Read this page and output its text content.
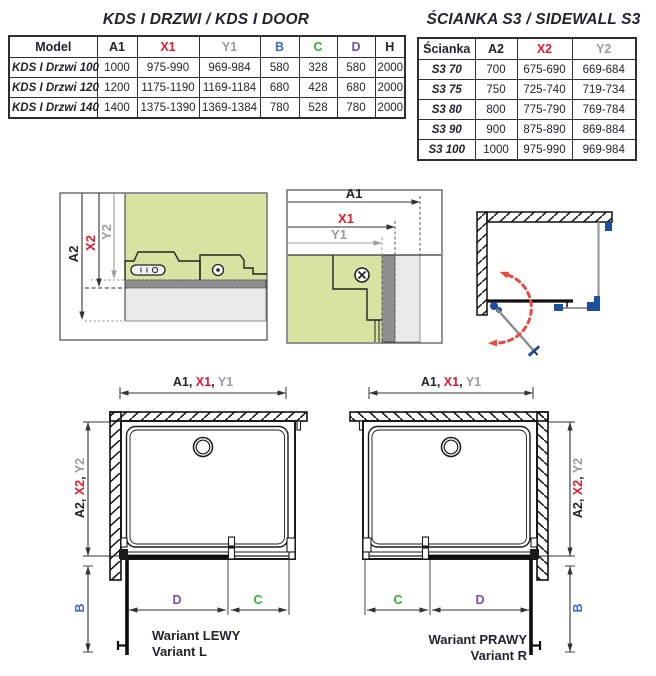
KDS I DRZWI / KDS I DOOR	ŚCIANKA S3 / SIDEWALL S3
Model	A1	X1	Y1	B	C	D	H
KDS I Drzwi 100	1000	975-990	969-984	580	328	580	2000
KDS I Drzwi 120	1200	1175-1190	1169-1184	680	428	680	2000
KDS I Drzwi 140	1400	1375-1390	1369-1384	780	528	780	2000
Ścianka	A2	X2	Y2
S3 70	700	675-690	669-684
S3 75	750	725-740	719-734
S3 80	800	775-790	769-784
S3 90	900	875-890	869-884
S3 100	1000	975-990	969-984
A2
X2
Y2
A1
X1
Y1
A1, X1, Y1	A1, X1, Y1
A2, X2, Y2
A2, X2, Y2
B	B
D	C	C	D
Wariant LEWY
Variant L
Wariant PRAWY
Variant R
